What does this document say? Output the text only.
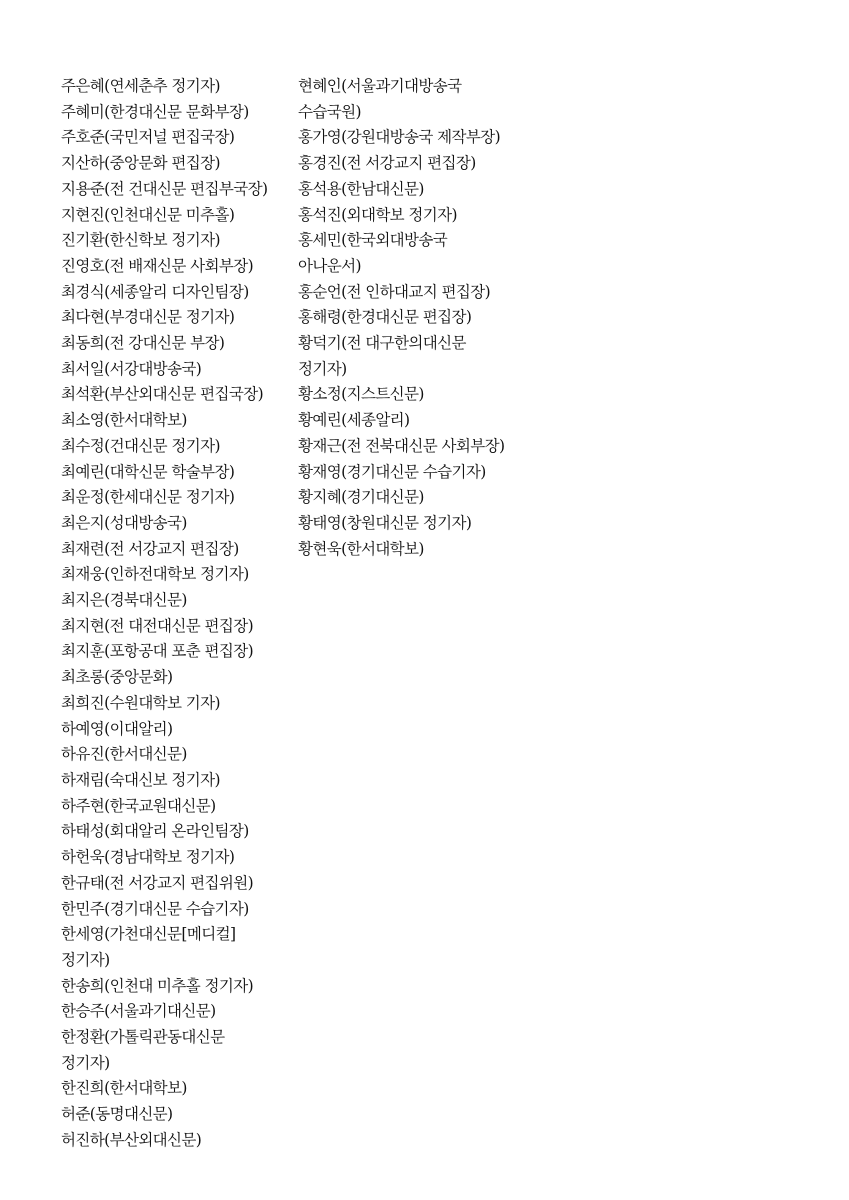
주은혜(연세춘추 정기자)
주혜미(한경대신문 문화부장)
주호준(국민저널 편집국장)
지산하(중앙문화 편집장)
지용준(전 건대신문 편집부국장)
지현진(인천대신문 미추홀)
진기환(한신학보 정기자)
진영호(전 배재신문 사회부장)
최경식(세종알리 디자인팀장)
최다현(부경대신문 정기자)
최동희(전 강대신문 부장)
최서일(서강대방송국)
최석환(부산외대신문 편집국장)
최소영(한서대학보)
최수정(건대신문 정기자)
최예린(대학신문 학술부장)
최운정(한세대신문 정기자)
최은지(성대방송국)
최재련(전 서강교지 편집장)
최재웅(인하전대학보 정기자)
최지은(경북대신문)
최지현(전 대전대신문 편집장)
최지훈(포항공대 포춘 편집장)
최초롱(중앙문화)
최희진(수원대학보 기자)
하예영(이대알리)
하유진(한서대신문)
하재림(숙대신보 정기자)
하주현(한국교원대신문)
하태성(회대알리 온라인팀장)
하헌욱(경남대학보 정기자)
한규태(전 서강교지 편집위원)
한민주(경기대신문 수습기자)
한세영(가천대신문[메디컬] 정기자)
한송희(인천대 미추홀 정기자)
한승주(서울과기대신문)
한정환(가톨릭관동대신문 정기자)
한진희(한서대학보)
허준(동명대신문)
허진하(부산외대신문)
현혜인(서울과기대방송국 수습국원)
홍가영(강원대방송국 제작부장)
홍경진(전 서강교지 편집장)
홍석용(한남대신문)
홍석진(외대학보 정기자)
홍세민(한국외대방송국 아나운서)
홍순언(전 인하대교지 편집장)
홍해령(한경대신문 편집장)
황덕기(전 대구한의대신문 정기자)
황소정(지스트신문)
황예린(세종알리)
황재근(전 전북대신문 사회부장)
황재영(경기대신문 수습기자)
황지혜(경기대신문)
황태영(창원대신문 정기자)
황현욱(한서대학보)
